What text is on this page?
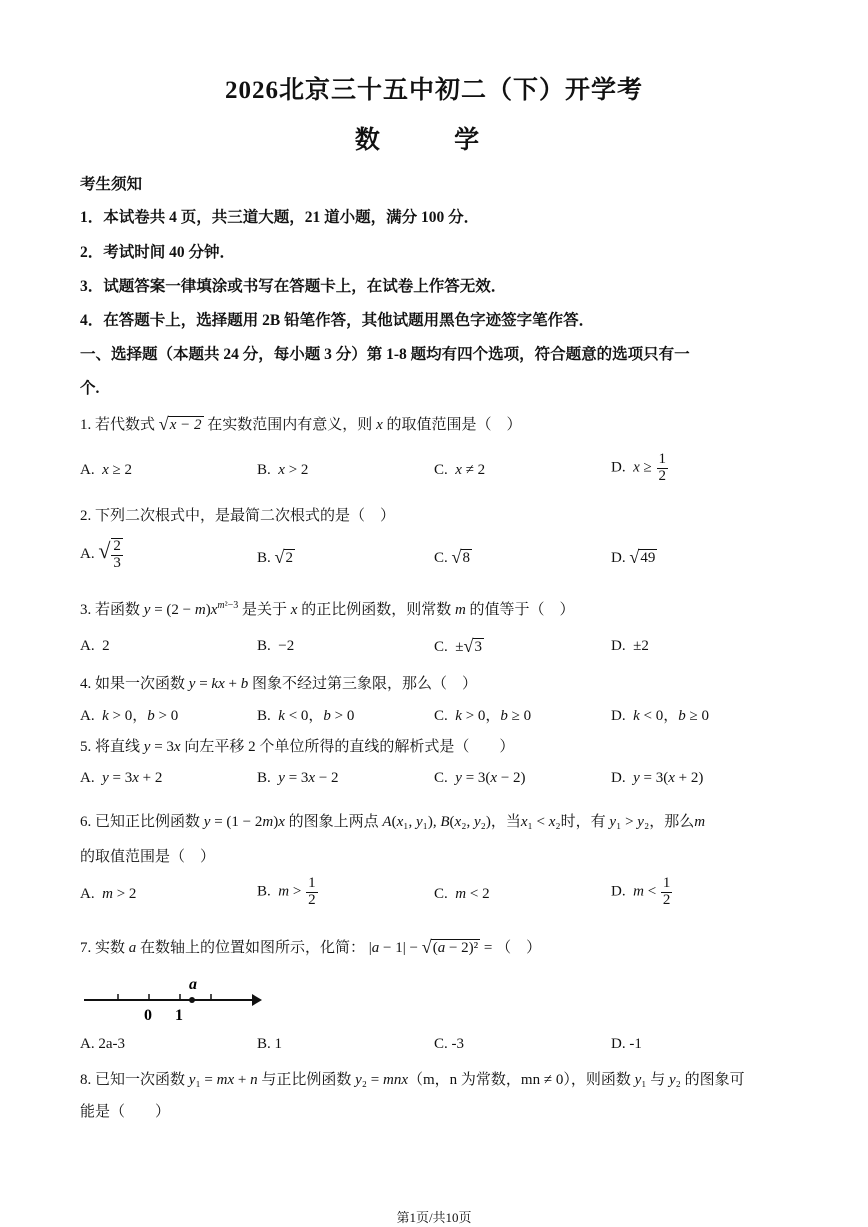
2026北京三十五中初二（下）开学考
数 学
考生须知
1．本试卷共 4 页，共三道大题，21 道小题，满分 100 分．
2．考试时间 40 分钟．
3．试题答案一律填涂或书写在答题卡上，在试卷上作答无效．
4．在答题卡上，选择题用 2B 铅笔作答，其他试题用黑色字迹签字笔作答．
一、选择题（本题共 24 分，每小题 3 分）第 1-8 题均有四个选项，符合题意的选项只有一
个.
1. 若代数式 √ x − 2 在实数范围内有意义，则 x 的取值范围是（　）
A.  x ≥ 2	B.  x > 2	C.  x ≠ 2	D.  $x \ge \frac{1}{2}$
2. 下列二次根式中，是最简二次根式的是（　）
A. √ $\frac{2}{3}$	B. √ 2	C. √ 8	D. √ 49
3. 若函数 $y = (2 - m)x^{m^2-3}$ 是关于 x 的正比例函数，则常数 m 的值等于（　）
A.  2	B.  −2	C.  ± √ 3	D.  ±2
4. 如果一次函数 y = kx + b 图象不经过第三象限，那么（　）
A.  k > 0，b > 0	B.  k < 0，b > 0	C.  k > 0，b ≥ 0	D.  k < 0，b ≥ 0
5. 将直线 y = 3x 向左平移 2 个单位所得的直线的解析式是（　　）
A.  y = 3x + 2	B.  y = 3x − 2	C.  y = 3(x − 2)	D.  y = 3(x + 2)
6. 已知正比例函数 y = (1 − 2m)x 的图象上两点 A(x₁, y₁), B(x₂, y₂)，当x₁ < x₂时，有 y₁ > y₂，那么m
的取值范围是（　）
A.  m > 2	B.  $m > \frac{1}{2}$	C.  m < 2	D.  $m < \frac{1}{2}$
7. 实数 a 在数轴上的位置如图所示，化简： |a − 1| − √ (a − 2)² = （　）
a
0 1
A. 2a-3	B. 1	C. -3	D. -1
8. 已知一次函数 y₁ = mx + n 与正比例函数 y₂ = mnx（m，n 为常数，mn ≠ 0），则函数 y₁ 与 y₂ 的图象可
能是（　　）
第1页/共10页
